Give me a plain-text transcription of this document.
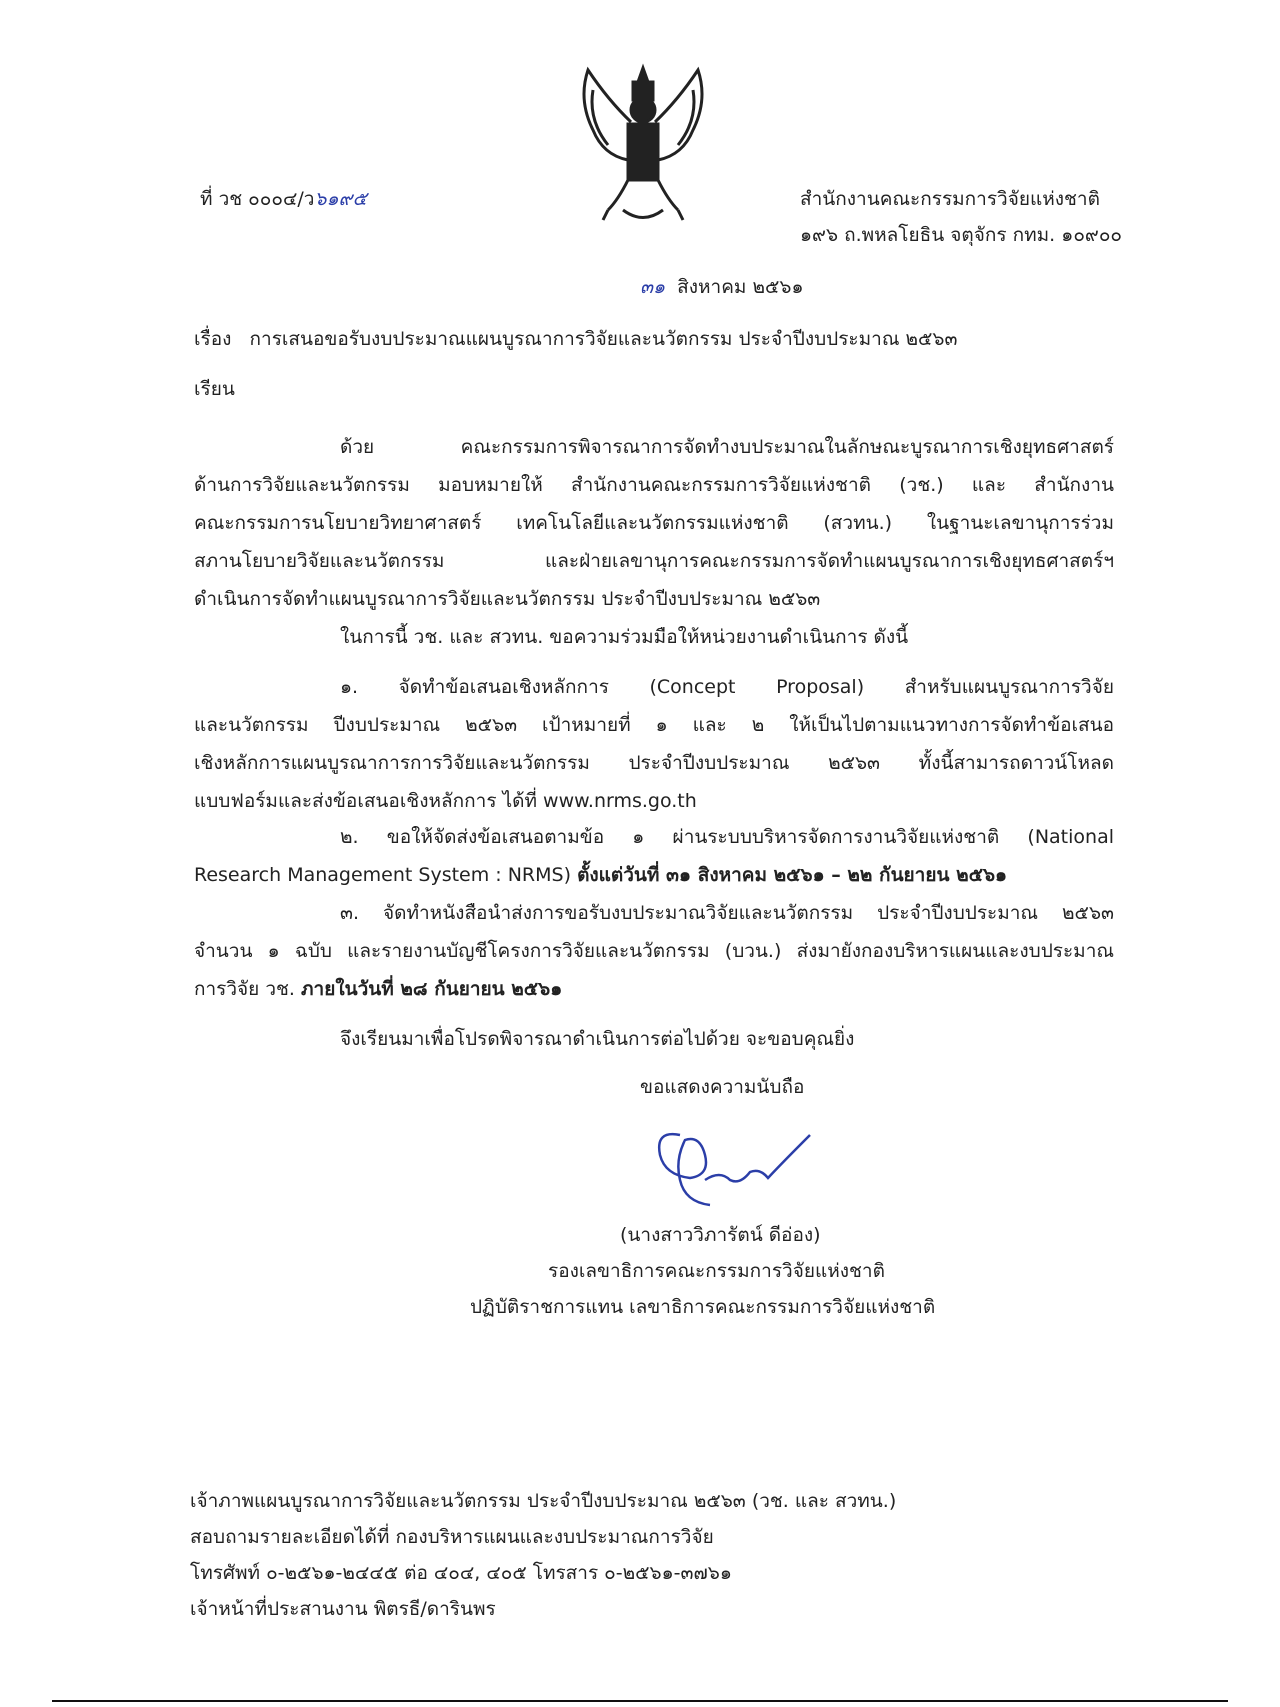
ที่ วช ๐๐๐๔/ว๖๑๙๕	สำนักงานคณะกรรมการวิจัยแห่งชาติ
๑๙๖ ถ.พหลโยธิน จตุจักร กทม. ๑๐๙๐๐
๓๑ สิงหาคม ๒๕๖๑
เรื่อง การเสนอขอรับงบประมาณแผนบูรณาการวิจัยและนวัตกรรม ประจำปีงบประมาณ ๒๕๖๓
เรียน
ด้วย คณะกรรมการพิจารณาการจัดทำงบประมาณในลักษณะบูรณาการเชิงยุทธศาสตร์
ด้านการวิจัยและนวัตกรรม มอบหมายให้ สำนักงานคณะกรรมการวิจัยแห่งชาติ (วช.) และ สำนักงาน
คณะกรรมการนโยบายวิทยาศาสตร์ เทคโนโลยีและนวัตกรรมแห่งชาติ (สวทน.) ในฐานะเลขานุการร่วม
สภานโยบายวิจัยและนวัตกรรม และฝ่ายเลขานุการคณะกรรมการจัดทำแผนบูรณาการเชิงยุทธศาสตร์ฯ
ดำเนินการจัดทำแผนบูรณาการวิจัยและนวัตกรรม ประจำปีงบประมาณ ๒๕๖๓
ในการนี้ วช. และ สวทน. ขอความร่วมมือให้หน่วยงานดำเนินการ ดังนี้
๑. จัดทำข้อเสนอเชิงหลักการ (Concept Proposal) สำหรับแผนบูรณาการวิจัย
และนวัตกรรม ปีงบประมาณ ๒๕๖๓ เป้าหมายที่ ๑ และ ๒ ให้เป็นไปตามแนวทางการจัดทำข้อเสนอ
เชิงหลักการแผนบูรณาการการวิจัยและนวัตกรรม ประจำปีงบประมาณ ๒๕๖๓ ทั้งนี้สามารถดาวน์โหลด
แบบฟอร์มและส่งข้อเสนอเชิงหลักการ ได้ที่ www.nrms.go.th
๒. ขอให้จัดส่งข้อเสนอตามข้อ ๑ ผ่านระบบบริหารจัดการงานวิจัยแห่งชาติ (National
Research Management System : NRMS) ตั้งแต่วันที่ ๓๑ สิงหาคม ๒๕๖๑ – ๒๒ กันยายน ๒๕๖๑
๓. จัดทำหนังสือนำส่งการขอรับงบประมาณวิจัยและนวัตกรรม ประจำปีงบประมาณ ๒๕๖๓
จำนวน ๑ ฉบับ และรายงานบัญชีโครงการวิจัยและนวัตกรรม (บวน.) ส่งมายังกองบริหารแผนและงบประมาณ
การวิจัย วช. ภายในวันที่ ๒๘ กันยายน ๒๕๖๑
จึงเรียนมาเพื่อโปรดพิจารณาดำเนินการต่อไปด้วย จะขอบคุณยิ่ง
ขอแสดงความนับถือ
(นางสาววิภารัตน์ ดีอ่อง)
รองเลขาธิการคณะกรรมการวิจัยแห่งชาติ
ปฏิบัติราชการแทน เลขาธิการคณะกรรมการวิจัยแห่งชาติ
เจ้าภาพแผนบูรณาการวิจัยและนวัตกรรม ประจำปีงบประมาณ ๒๕๖๓ (วช. และ สวทน.)
สอบถามรายละเอียดได้ที่ กองบริหารแผนและงบประมาณการวิจัย
โทรศัพท์ ๐-๒๕๖๑-๒๔๔๕ ต่อ ๔๐๔, ๔๐๕ โทรสาร ๐-๒๕๖๑-๓๗๖๑
เจ้าหน้าที่ประสานงาน พิตรธี/ดารินพร
